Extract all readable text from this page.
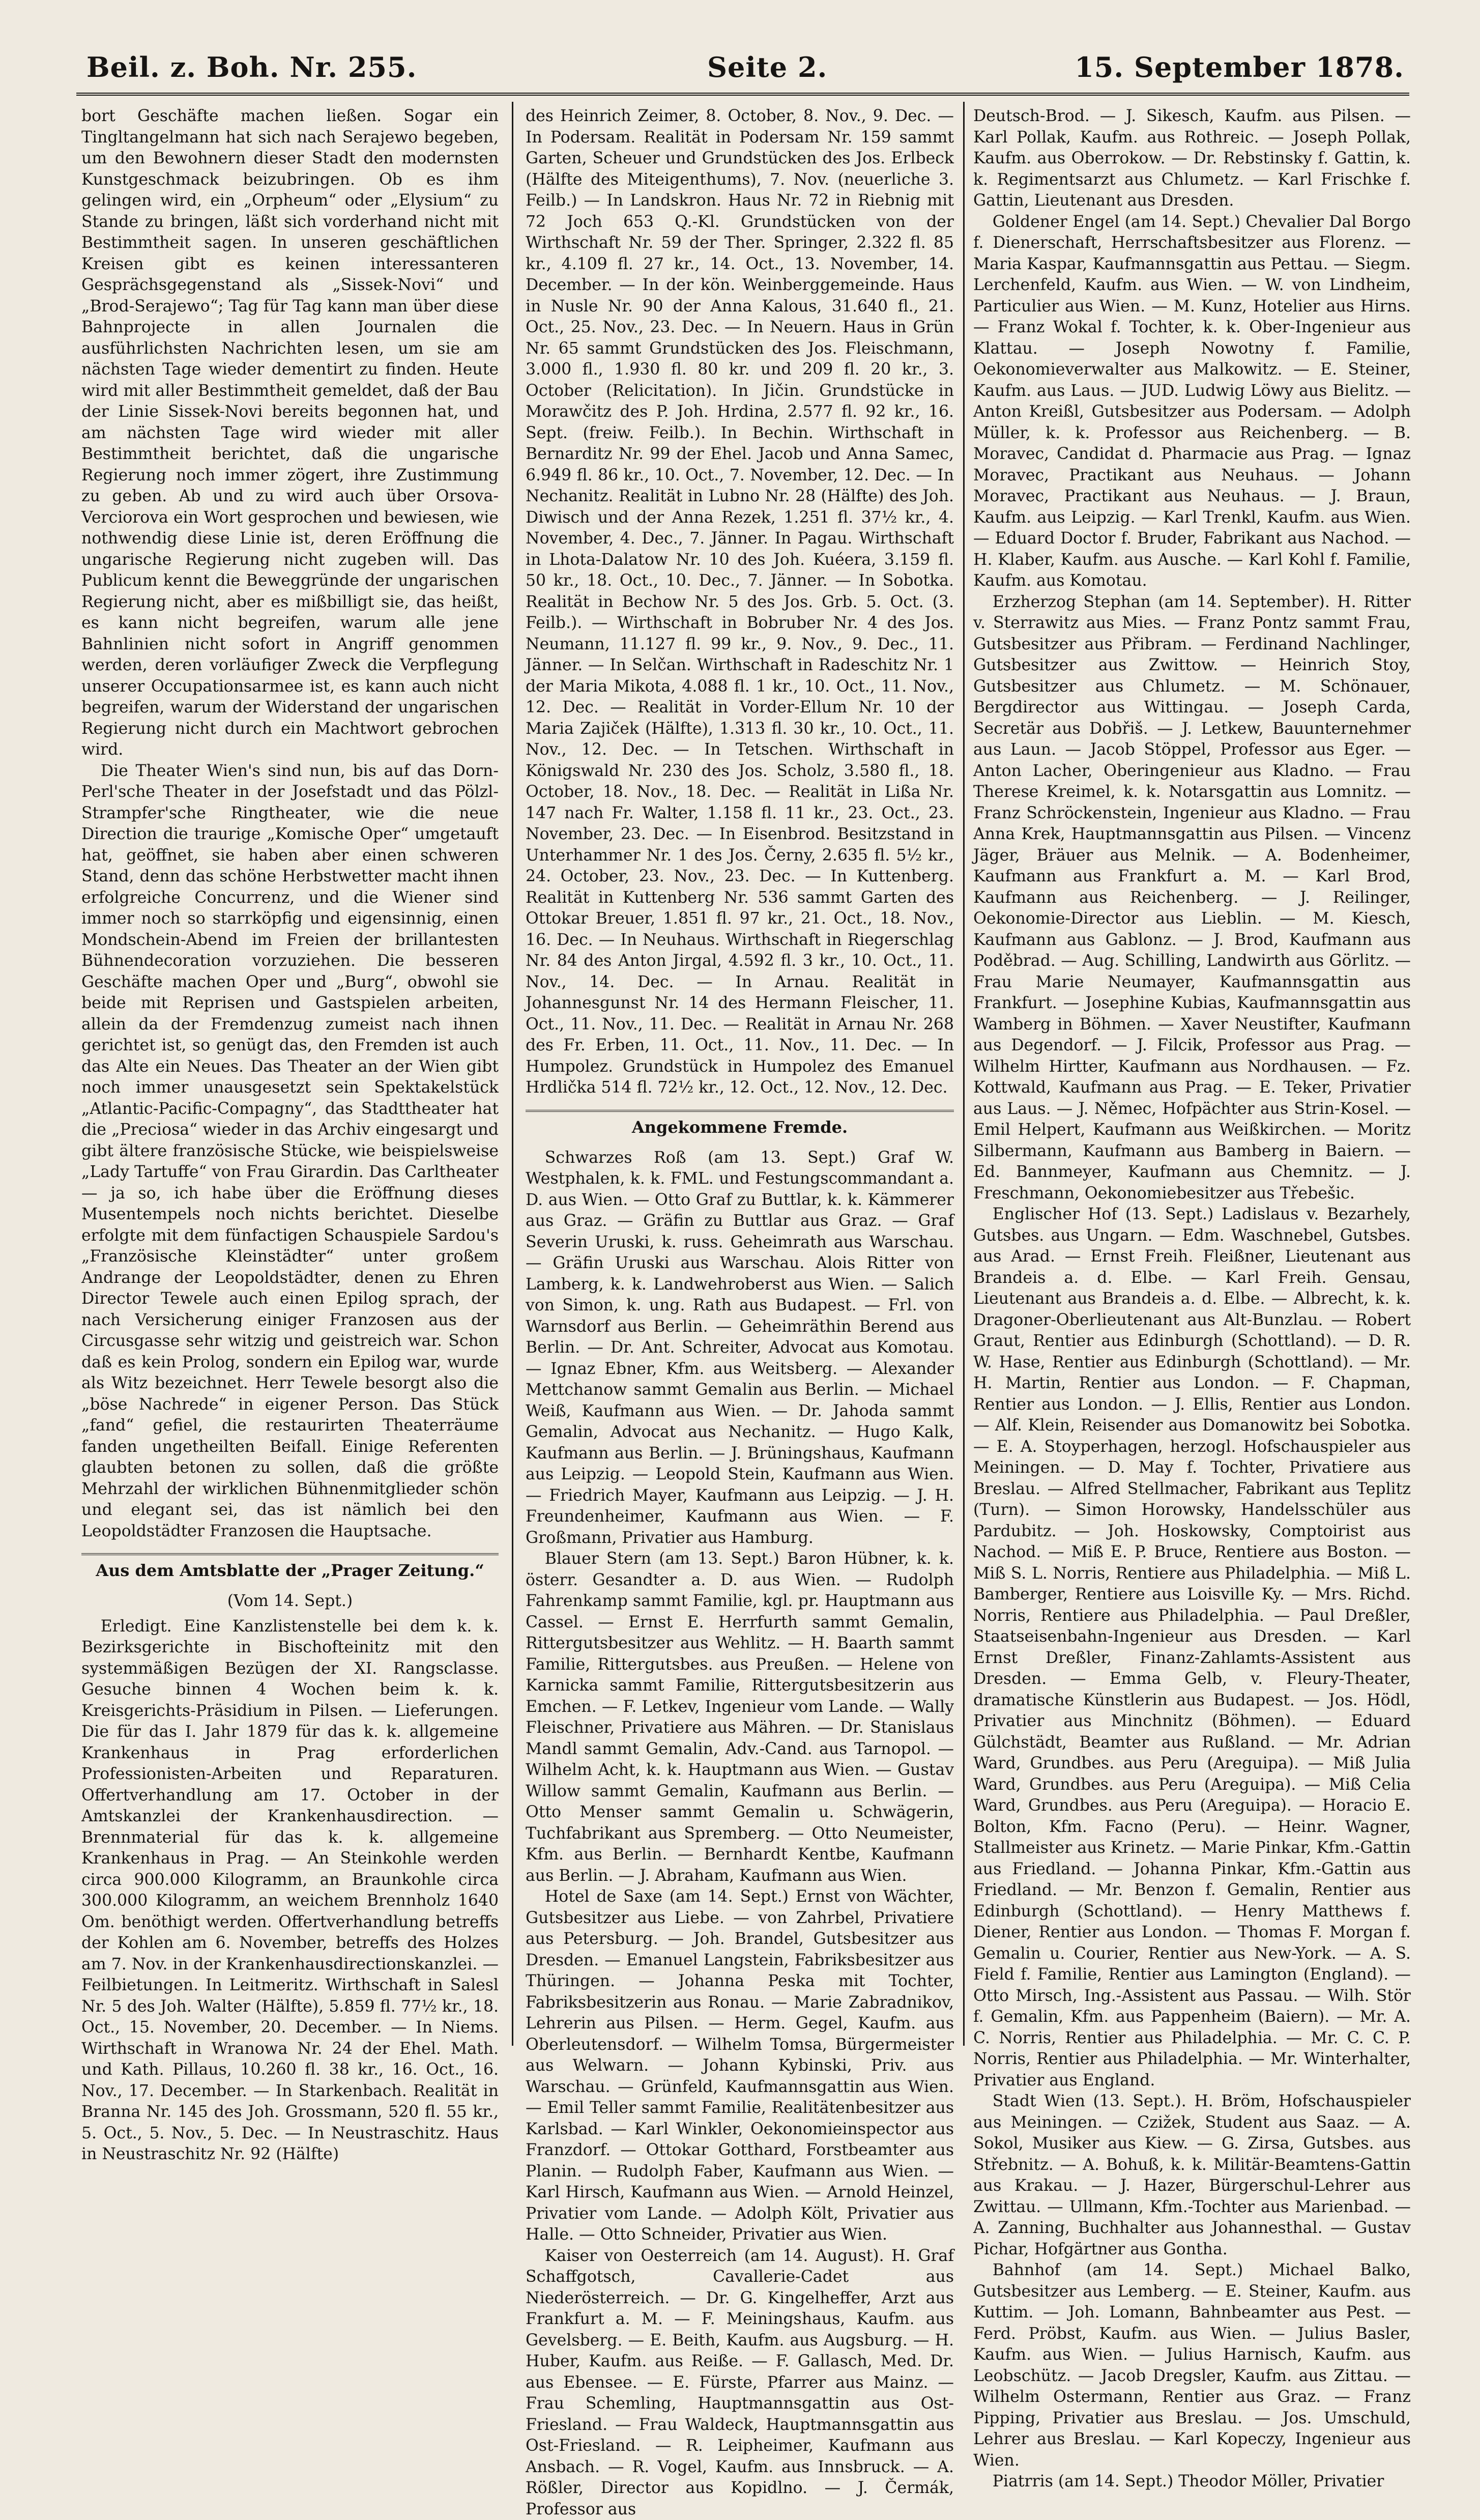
Beil. z. Boh. Nr. 255.	Seite 2.	15. September 1878.

bort Geschäfte machen ließen. Sogar ein Tingltangelmann hat sich nach Serajewo begeben, um den Bewohnern dieser Stadt den modernsten Kunstgeschmack beizubringen. Ob es ihm gelingen wird, ein „Orpheum“ oder „Elysium“ zu Stande zu bringen, läßt sich vorderhand nicht mit Bestimmtheit sagen. In unseren geschäftlichen Kreisen gibt es keinen interessanteren Gesprächsgegenstand als „Sissek-Novi“ und „Brod-Serajewo“; Tag für Tag kann man über diese Bahnprojecte in allen Journalen die ausführlichsten Nachrichten lesen, um sie am nächsten Tage wieder dementirt zu finden. Heute wird mit aller Bestimmtheit gemeldet, daß der Bau der Linie Sissek-Novi bereits begonnen hat, und am nächsten Tage wird wieder mit aller Bestimmtheit berichtet, daß die ungarische Regierung noch immer zögert, ihre Zustimmung zu geben. Ab und zu wird auch über Orsova-Verciorova ein Wort gesprochen und bewiesen, wie nothwendig diese Linie ist, deren Eröffnung die ungarische Regierung nicht zugeben will. Das Publicum kennt die Beweggründe der ungarischen Regierung nicht, aber es mißbilligt sie, das heißt, es kann nicht begreifen, warum alle jene Bahnlinien nicht sofort in Angriff genommen werden, deren vorläufiger Zweck die Verpflegung unserer Occupationsarmee ist, es kann auch nicht begreifen, warum der Widerstand der ungarischen Regierung nicht durch ein Machtwort gebrochen wird.

Die Theater Wien's sind nun, bis auf das Dorn-Perl'sche Theater in der Josefstadt und das Pölzl-Strampfer'sche Ringtheater, wie die neue Direction die traurige „Komische Oper“ umgetauft hat, geöffnet, sie haben aber einen schweren Stand, denn das schöne Herbstwetter macht ihnen erfolgreiche Concurrenz, und die Wiener sind immer noch so starrköpfig und eigensinnig, einen Mondschein-Abend im Freien der brillantesten Bühnendecoration vorzuziehen. Die besseren Geschäfte machen Oper und „Burg“, obwohl sie beide mit Reprisen und Gastspielen arbeiten, allein da der Fremdenzug zumeist nach ihnen gerichtet ist, so genügt das, den Fremden ist auch das Alte ein Neues. Das Theater an der Wien gibt noch immer unausgesetzt sein Spektakelstück „Atlantic-Pacific-Compagny“, das Stadttheater hat die „Preciosa“ wieder in das Archiv eingesargt und gibt ältere französische Stücke, wie beispielsweise „Lady Tartuffe“ von Frau Girardin. Das Carltheater — ja so, ich habe über die Eröffnung dieses Musentempels noch nichts berichtet. Dieselbe erfolgte mit dem fünfactigen Schauspiele Sardou's „Französische Kleinstädter“ unter großem Andrange der Leopoldstädter, denen zu Ehren Director Tewele auch einen Epilog sprach, der nach Versicherung einiger Franzosen aus der Circusgasse sehr witzig und geistreich war. Schon daß es kein Prolog, sondern ein Epilog war, wurde als Witz bezeichnet. Herr Tewele besorgt also die „böse Nachrede“ in eigener Person. Das Stück „fand“ gefiel, die restaurirten Theaterräume fanden ungetheilten Beifall. Einige Referenten glaubten betonen zu sollen, daß die größte Mehrzahl der wirklichen Bühnenmitglieder schön und elegant sei, das ist nämlich bei den Leopoldstädter Franzosen die Hauptsache.

Aus dem Amtsblatte der „Prager Zeitung.“
(Vom 14. Sept.)

Erledigt. Eine Kanzlistenstelle bei dem k. k. Bezirksgerichte in Bischofteinitz mit den systemmäßigen Bezügen der XI. Rangsclasse. Gesuche binnen 4 Wochen beim k. k. Kreisgerichts-Präsidium in Pilsen. — Lieferungen. Die für das I. Jahr 1879 für das k. k. allgemeine Krankenhaus in Prag erforderlichen Professionisten-Arbeiten und Reparaturen. Offertverhandlung am 17. October in der Amtskanzlei der Krankenhausdirection. — Brennmaterial für das k. k. allgemeine Krankenhaus in Prag. — An Steinkohle werden circa 900.000 Kilogramm, an Braunkohle circa 300.000 Kilogramm, an weichem Brennholz 1640 Om. benöthigt werden. Offertverhandlung betreffs der Kohlen am 6. November, betreffs des Holzes am 7. Nov. in der Krankenhausdirectionskanzlei. — Feilbietungen. In Leitmeritz. Wirthschaft in Salesl Nr. 5 des Joh. Walter (Hälfte), 5.859 fl. 77½ kr., 18. Oct., 15. November, 20. December. — In Niems. Wirthschaft in Wranowa Nr. 24 der Ehel. Math. und Kath. Pillaus, 10.260 fl. 38 kr., 16. Oct., 16. Nov., 17. December. — In Starkenbach. Realität in Branna Nr. 145 des Joh. Grossmann, 520 fl. 55 kr., 5. Oct., 5. Nov., 5. Dec. — In Neustraschitz. Haus in Neustraschitz Nr. 92 (Hälfte)

des Heinrich Zeimer, 8. October, 8. Nov., 9. Dec. — In Podersam. Realität in Podersam Nr. 159 sammt Garten, Scheuer und Grundstücken des Jos. Erlbeck (Hälfte des Miteigenthums), 7. Nov. (neuerliche 3. Feilb.) — In Landskron. Haus Nr. 72 in Riebnig mit 72 Joch 653 Q.-Kl. Grundstücken von der Wirthschaft Nr. 59 der Ther. Springer, 2.322 fl. 85 kr., 4.109 fl. 27 kr., 14. Oct., 13. November, 14. December. — In der kön. Weinberggemeinde. Haus in Nusle Nr. 90 der Anna Kalous, 31.640 fl., 21. Oct., 25. Nov., 23. Dec. — In Neuern. Haus in Grün Nr. 65 sammt Grundstücken des Jos. Fleischmann, 3.000 fl., 1.930 fl. 80 kr. und 209 fl. 20 kr., 3. October (Relicitation). In Jičin. Grundstücke in Morawčitz des P. Joh. Hrdina, 2.577 fl. 92 kr., 16. Sept. (freiw. Feilb.). In Bechin. Wirthschaft in Bernarditz Nr. 99 der Ehel. Jacob und Anna Samec, 6.949 fl. 86 kr., 10. Oct., 7. November, 12. Dec. — In Nechanitz. Realität in Lubno Nr. 28 (Hälfte) des Joh. Diwisch und der Anna Rezek, 1.251 fl. 37½ kr., 4. November, 4. Dec., 7. Jänner. In Pagau. Wirthschaft in Lhota-Dalatow Nr. 10 des Joh. Kuéera, 3.159 fl. 50 kr., 18. Oct., 10. Dec., 7. Jänner. — In Sobotka. Realität in Bechow Nr. 5 des Jos. Grb. 5. Oct. (3. Feilb.). — Wirthschaft in Bobruber Nr. 4 des Jos. Neumann, 11.127 fl. 99 kr., 9. Nov., 9. Dec., 11. Jänner. — In Selčan. Wirthschaft in Radeschitz Nr. 1 der Maria Mikota, 4.088 fl. 1 kr., 10. Oct., 11. Nov., 12. Dec. — Realität in Vorder-Ellum Nr. 10 der Maria Zajiček (Hälfte), 1.313 fl. 30 kr., 10. Oct., 11. Nov., 12. Dec. — In Tetschen. Wirthschaft in Königswald Nr. 230 des Jos. Scholz, 3.580 fl., 18. October, 18. Nov., 18. Dec. — Realität in Lißa Nr. 147 nach Fr. Walter, 1.158 fl. 11 kr., 23. Oct., 23. November, 23. Dec. — In Eisenbrod. Besitzstand in Unterhammer Nr. 1 des Jos. Černy, 2.635 fl. 5½ kr., 24. October, 23. Nov., 23. Dec. — In Kuttenberg. Realität in Kuttenberg Nr. 536 sammt Garten des Ottokar Breuer, 1.851 fl. 97 kr., 21. Oct., 18. Nov., 16. Dec. — In Neuhaus. Wirthschaft in Riegerschlag Nr. 84 des Anton Jirgal, 4.592 fl. 3 kr., 10. Oct., 11. Nov., 14. Dec. — In Arnau. Realität in Johannesgunst Nr. 14 des Hermann Fleischer, 11. Oct., 11. Nov., 11. Dec. — Realität in Arnau Nr. 268 des Fr. Erben, 11. Oct., 11. Nov., 11. Dec. — In Humpolez. Grundstück in Humpolez des Emanuel Hrdlička 514 fl. 72½ kr., 12. Oct., 12. Nov., 12. Dec.

Angekommene Fremde.

Schwarzes Roß (am 13. Sept.) Graf W. Westphalen, k. k. FML. und Festungscommandant a. D. aus Wien. — Otto Graf zu Buttlar, k. k. Kämmerer aus Graz. — Gräfin zu Buttlar aus Graz. — Graf Severin Uruski, k. russ. Geheimrath aus Warschau. — Gräfin Uruski aus Warschau. Alois Ritter von Lamberg, k. k. Landwehroberst aus Wien. — Salich von Simon, k. ung. Rath aus Budapest. — Frl. von Warnsdorf aus Berlin. — Geheimräthin Berend aus Berlin. — Dr. Ant. Schreiter, Advocat aus Komotau. — Ignaz Ebner, Kfm. aus Weitsberg. — Alexander Mettchanow sammt Gemalin aus Berlin. — Michael Weiß, Kaufmann aus Wien. — Dr. Jahoda sammt Gemalin, Advocat aus Nechanitz. — Hugo Kalk, Kaufmann aus Berlin. — J. Brüningshaus, Kaufmann aus Leipzig. — Leopold Stein, Kaufmann aus Wien. — Friedrich Mayer, Kaufmann aus Leipzig. — J. H. Freundenheimer, Kaufmann aus Wien. — F. Großmann, Privatier aus Hamburg.

Blauer Stern (am 13. Sept.) Baron Hübner, k. k. österr. Gesandter a. D. aus Wien. — Rudolph Fahrenkamp sammt Familie, kgl. pr. Hauptmann aus Cassel. — Ernst E. Herrfurth sammt Gemalin, Rittergutsbesitzer aus Wehlitz. — H. Baarth sammt Familie, Rittergutsbes. aus Preußen. — Helene von Karnicka sammt Familie, Rittergutsbesitzerin aus Emchen. — F. Letkev, Ingenieur vom Lande. — Wally Fleischner, Privatiere aus Mähren. — Dr. Stanislaus Mandl sammt Gemalin, Adv.-Cand. aus Tarnopol. — Wilhelm Acht, k. k. Hauptmann aus Wien. — Gustav Willow sammt Gemalin, Kaufmann aus Berlin. — Otto Menser sammt Gemalin u. Schwägerin, Tuchfabrikant aus Spremberg. — Otto Neumeister, Kfm. aus Berlin. — Bernhardt Kentbe, Kaufmann aus Berlin. — J. Abraham, Kaufmann aus Wien.

Hotel de Saxe (am 14. Sept.) Ernst von Wächter, Gutsbesitzer aus Liebe. — von Zahrbel, Privatiere aus Petersburg. — Joh. Brandel, Gutsbesitzer aus Dresden. — Emanuel Langstein, Fabriksbesitzer aus Thüringen. — Johanna Peska mit Tochter, Fabriksbesitzerin aus Ronau. — Marie Zabradnikov, Lehrerin aus Pilsen. — Herm. Gegel, Kaufm. aus Oberleutensdorf. — Wilhelm Tomsa, Bürgermeister aus Welwarn. — Johann Kybinski, Priv. aus Warschau. — Grünfeld, Kaufmannsgattin aus Wien. — Emil Teller sammt Familie, Realitätenbesitzer aus Karlsbad. — Karl Winkler, Oekonomieinspector aus Franzdorf. — Ottokar Gotthard, Forstbeamter aus Planin. — Rudolph Faber, Kaufmann aus Wien. — Karl Hirsch, Kaufmann aus Wien. — Arnold Heinzel, Privatier vom Lande. — Adolph Költ, Privatier aus Halle. — Otto Schneider, Privatier aus Wien.

Kaiser von Oesterreich (am 14. August). H. Graf Schaffgotsch, Cavallerie-Cadet aus Niederösterreich. — Dr. G. Kingelheffer, Arzt aus Frankfurt a. M. — F. Meiningshaus, Kaufm. aus Gevelsberg. — E. Beith, Kaufm. aus Augsburg. — H. Huber, Kaufm. aus Reiße. — F. Gallasch, Med. Dr. aus Ebensee. — E. Fürste, Pfarrer aus Mainz. — Frau Schemling, Hauptmannsgattin aus Ost-Friesland. — Frau Waldeck, Hauptmannsgattin aus Ost-Friesland. — R. Leipheimer, Kaufmann aus Ansbach. — R. Vogel, Kaufm. aus Innsbruck. — A. Rößler, Director aus Kopidlno. — J. Čermák, Professor aus

Deutsch-Brod. — J. Sikesch, Kaufm. aus Pilsen. — Karl Pollak, Kaufm. aus Rothreic. — Joseph Pollak, Kaufm. aus Oberrokow. — Dr. Rebstinsky f. Gattin, k. k. Regimentsarzt aus Chlumetz. — Karl Frischke f. Gattin, Lieutenant aus Dresden.

Goldener Engel (am 14. Sept.) Chevalier Dal Borgo f. Dienerschaft, Herrschaftsbesitzer aus Florenz. — Maria Kaspar, Kaufmannsgattin aus Pettau. — Siegm. Lerchenfeld, Kaufm. aus Wien. — W. von Lindheim, Particulier aus Wien. — M. Kunz, Hotelier aus Hirns. — Franz Wokal f. Tochter, k. k. Ober-Ingenieur aus Klattau. — Joseph Nowotny f. Familie, Oekonomieverwalter aus Malkowitz. — E. Steiner, Kaufm. aus Laus. — JUD. Ludwig Löwy aus Bielitz. — Anton Kreißl, Gutsbesitzer aus Podersam. — Adolph Müller, k. k. Professor aus Reichenberg. — B. Moravec, Candidat d. Pharmacie aus Prag. — Ignaz Moravec, Practikant aus Neuhaus. — Johann Moravec, Practikant aus Neuhaus. — J. Braun, Kaufm. aus Leipzig. — Karl Trenkl, Kaufm. aus Wien. — Eduard Doctor f. Bruder, Fabrikant aus Nachod. — H. Klaber, Kaufm. aus Ausche. — Karl Kohl f. Familie, Kaufm. aus Komotau.

Erzherzog Stephan (am 14. September). H. Ritter v. Sterrawitz aus Mies. — Franz Pontz sammt Frau, Gutsbesitzer aus Přibram. — Ferdinand Nachlinger, Gutsbesitzer aus Zwittow. — Heinrich Stoy, Gutsbesitzer aus Chlumetz. — M. Schönauer, Bergdirector aus Wittingau. — Joseph Carda, Secretär aus Dobřiš. — J. Letkew, Bauunternehmer aus Laun. — Jacob Stöppel, Professor aus Eger. — Anton Lacher, Oberingenieur aus Kladno. — Frau Therese Kreimel, k. k. Notarsgattin aus Lomnitz. — Franz Schröckenstein, Ingenieur aus Kladno. — Frau Anna Krek, Hauptmannsgattin aus Pilsen. — Vincenz Jäger, Bräuer aus Melnik. — A. Bodenheimer, Kaufmann aus Frankfurt a. M. — Karl Brod, Kaufmann aus Reichenberg. — J. Reilinger, Oekonomie-Director aus Lieblin. — M. Kiesch, Kaufmann aus Gablonz. — J. Brod, Kaufmann aus Poděbrad. — Aug. Schilling, Landwirth aus Görlitz. — Frau Marie Neumayer, Kaufmannsgattin aus Frankfurt. — Josephine Kubias, Kaufmannsgattin aus Wamberg in Böhmen. — Xaver Neustifter, Kaufmann aus Degendorf. — J. Filcik, Professor aus Prag. — Wilhelm Hirtter, Kaufmann aus Nordhausen. — Fz. Kottwald, Kaufmann aus Prag. — E. Teker, Privatier aus Laus. — J. Němec, Hofpächter aus Strin-Kosel. — Emil Helpert, Kaufmann aus Weißkirchen. — Moritz Silbermann, Kaufmann aus Bamberg in Baiern. — Ed. Bannmeyer, Kaufmann aus Chemnitz. — J. Freschmann, Oekonomiebesitzer aus Třebešic.

Englischer Hof (13. Sept.) Ladislaus v. Bezarhely, Gutsbes. aus Ungarn. — Edm. Waschnebel, Gutsbes. aus Arad. — Ernst Freih. Fleißner, Lieutenant aus Brandeis a. d. Elbe. — Karl Freih. Gensau, Lieutenant aus Brandeis a. d. Elbe. — Albrecht, k. k. Dragoner-Oberlieutenant aus Alt-Bunzlau. — Robert Graut, Rentier aus Edinburgh (Schottland). — D. R. W. Hase, Rentier aus Edinburgh (Schottland). — Mr. H. Martin, Rentier aus London. — F. Chapman, Rentier aus London. — J. Ellis, Rentier aus London. — Alf. Klein, Reisender aus Domanowitz bei Sobotka. — E. A. Stoyperhagen, herzogl. Hofschauspieler aus Meiningen. — D. May f. Tochter, Privatiere aus Breslau. — Alfred Stellmacher, Fabrikant aus Teplitz (Turn). — Simon Horowsky, Handelsschüler aus Pardubitz. — Joh. Hoskowsky, Comptoirist aus Nachod. — Miß E. P. Bruce, Rentiere aus Boston. — Miß S. L. Norris, Rentiere aus Philadelphia. — Miß L. Bamberger, Rentiere aus Loisville Ky. — Mrs. Richd. Norris, Rentiere aus Philadelphia. — Paul Dreßler, Staatseisenbahn-Ingenieur aus Dresden. — Karl Ernst Dreßler, Finanz-Zahlamts-Assistent aus Dresden. — Emma Gelb, v. Fleury-Theater, dramatische Künstlerin aus Budapest. — Jos. Hödl, Privatier aus Minchnitz (Böhmen). — Eduard Gülchstädt, Beamter aus Rußland. — Mr. Adrian Ward, Grundbes. aus Peru (Areguipa). — Miß Julia Ward, Grundbes. aus Peru (Areguipa). — Miß Celia Ward, Grundbes. aus Peru (Areguipa). — Horacio E. Bolton, Kfm. Facno (Peru). — Heinr. Wagner, Stallmeister aus Krinetz. — Marie Pinkar, Kfm.-Gattin aus Friedland. — Johanna Pinkar, Kfm.-Gattin aus Friedland. — Mr. Benzon f. Gemalin, Rentier aus Edinburgh (Schottland). — Henry Matthews f. Diener, Rentier aus London. — Thomas F. Morgan f. Gemalin u. Courier, Rentier aus New-York. — A. S. Field f. Familie, Rentier aus Lamington (England). — Otto Mirsch, Ing.-Assistent aus Passau. — Wilh. Stör f. Gemalin, Kfm. aus Pappenheim (Baiern). — Mr. A. C. Norris, Rentier aus Philadelphia. — Mr. C. C. P. Norris, Rentier aus Philadelphia. — Mr. Winterhalter, Privatier aus England.

Stadt Wien (13. Sept.). H. Bröm, Hofschauspieler aus Meiningen. — Czižek, Student aus Saaz. — A. Sokol, Musiker aus Kiew. — G. Zirsa, Gutsbes. aus Střebnitz. — A. Bohuß, k. k. Militär-Beamtens-Gattin aus Krakau. — J. Hazer, Bürgerschul-Lehrer aus Zwittau. — Ullmann, Kfm.-Tochter aus Marienbad. — A. Zanning, Buchhalter aus Johannesthal. — Gustav Pichar, Hofgärtner aus Gontha.

Bahnhof (am 14. Sept.) Michael Balko, Gutsbesitzer aus Lemberg. — E. Steiner, Kaufm. aus Kuttim. — Joh. Lomann, Bahnbeamter aus Pest. — Ferd. Pröbst, Kaufm. aus Wien. — Julius Basler, Kaufm. aus Wien. — Julius Harnisch, Kaufm. aus Leobschütz. — Jacob Dregsler, Kaufm. aus Zittau. — Wilhelm Ostermann, Rentier aus Graz. — Franz Pipping, Privatier aus Breslau. — Jos. Umschuld, Lehrer aus Breslau. — Karl Kopeczy, Ingenieur aus Wien.

Piatrris (am 14. Sept.) Theodor Möller, Privatier
